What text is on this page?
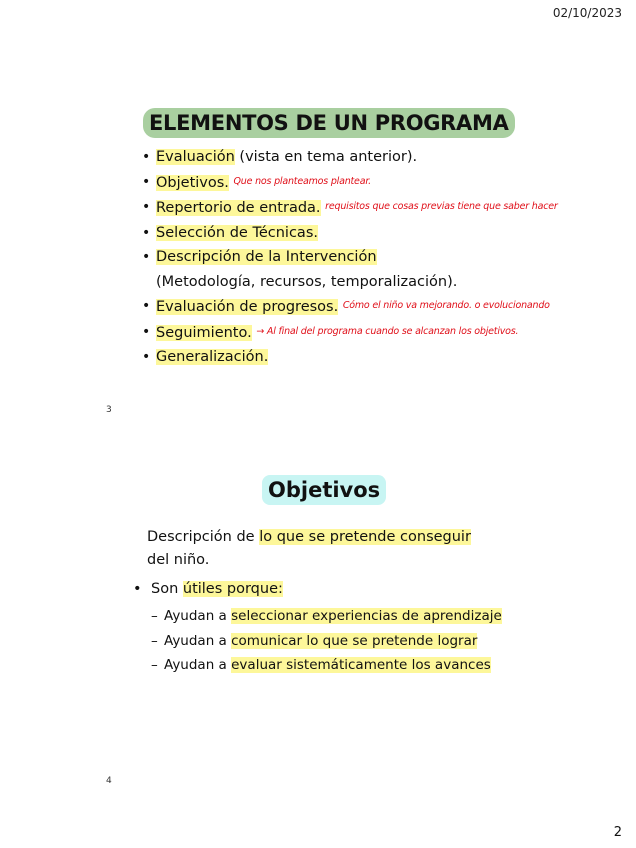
02/10/2023
ELEMENTOS DE UN PROGRAMA
• Evaluación (vista en tema anterior).
• Objetivos. $^{Que nos planteamos plantear.}$
• Repertorio de entrada. $^{requisitos que cosas previas tiene que saber hacer}$
• Selección de Técnicas.
• Descripción de la Intervención
(Metodología, recursos, temporalización).
• Evaluación de progresos. $^{Cómo el niño va mejorando. o evolucionando}$
• Seguimiento. $^{\to Al final del programa cuando se alcanzan los objetivos.}$
• Generalización.
3
Objetivos
Descripción de lo que se pretende conseguir
del niño.
• Son útiles porque:
– Ayudan a seleccionar experiencias de aprendizaje
– Ayudan a comunicar lo que se pretende lograr
– Ayudan a evaluar sistemáticamente los avances
4
2
